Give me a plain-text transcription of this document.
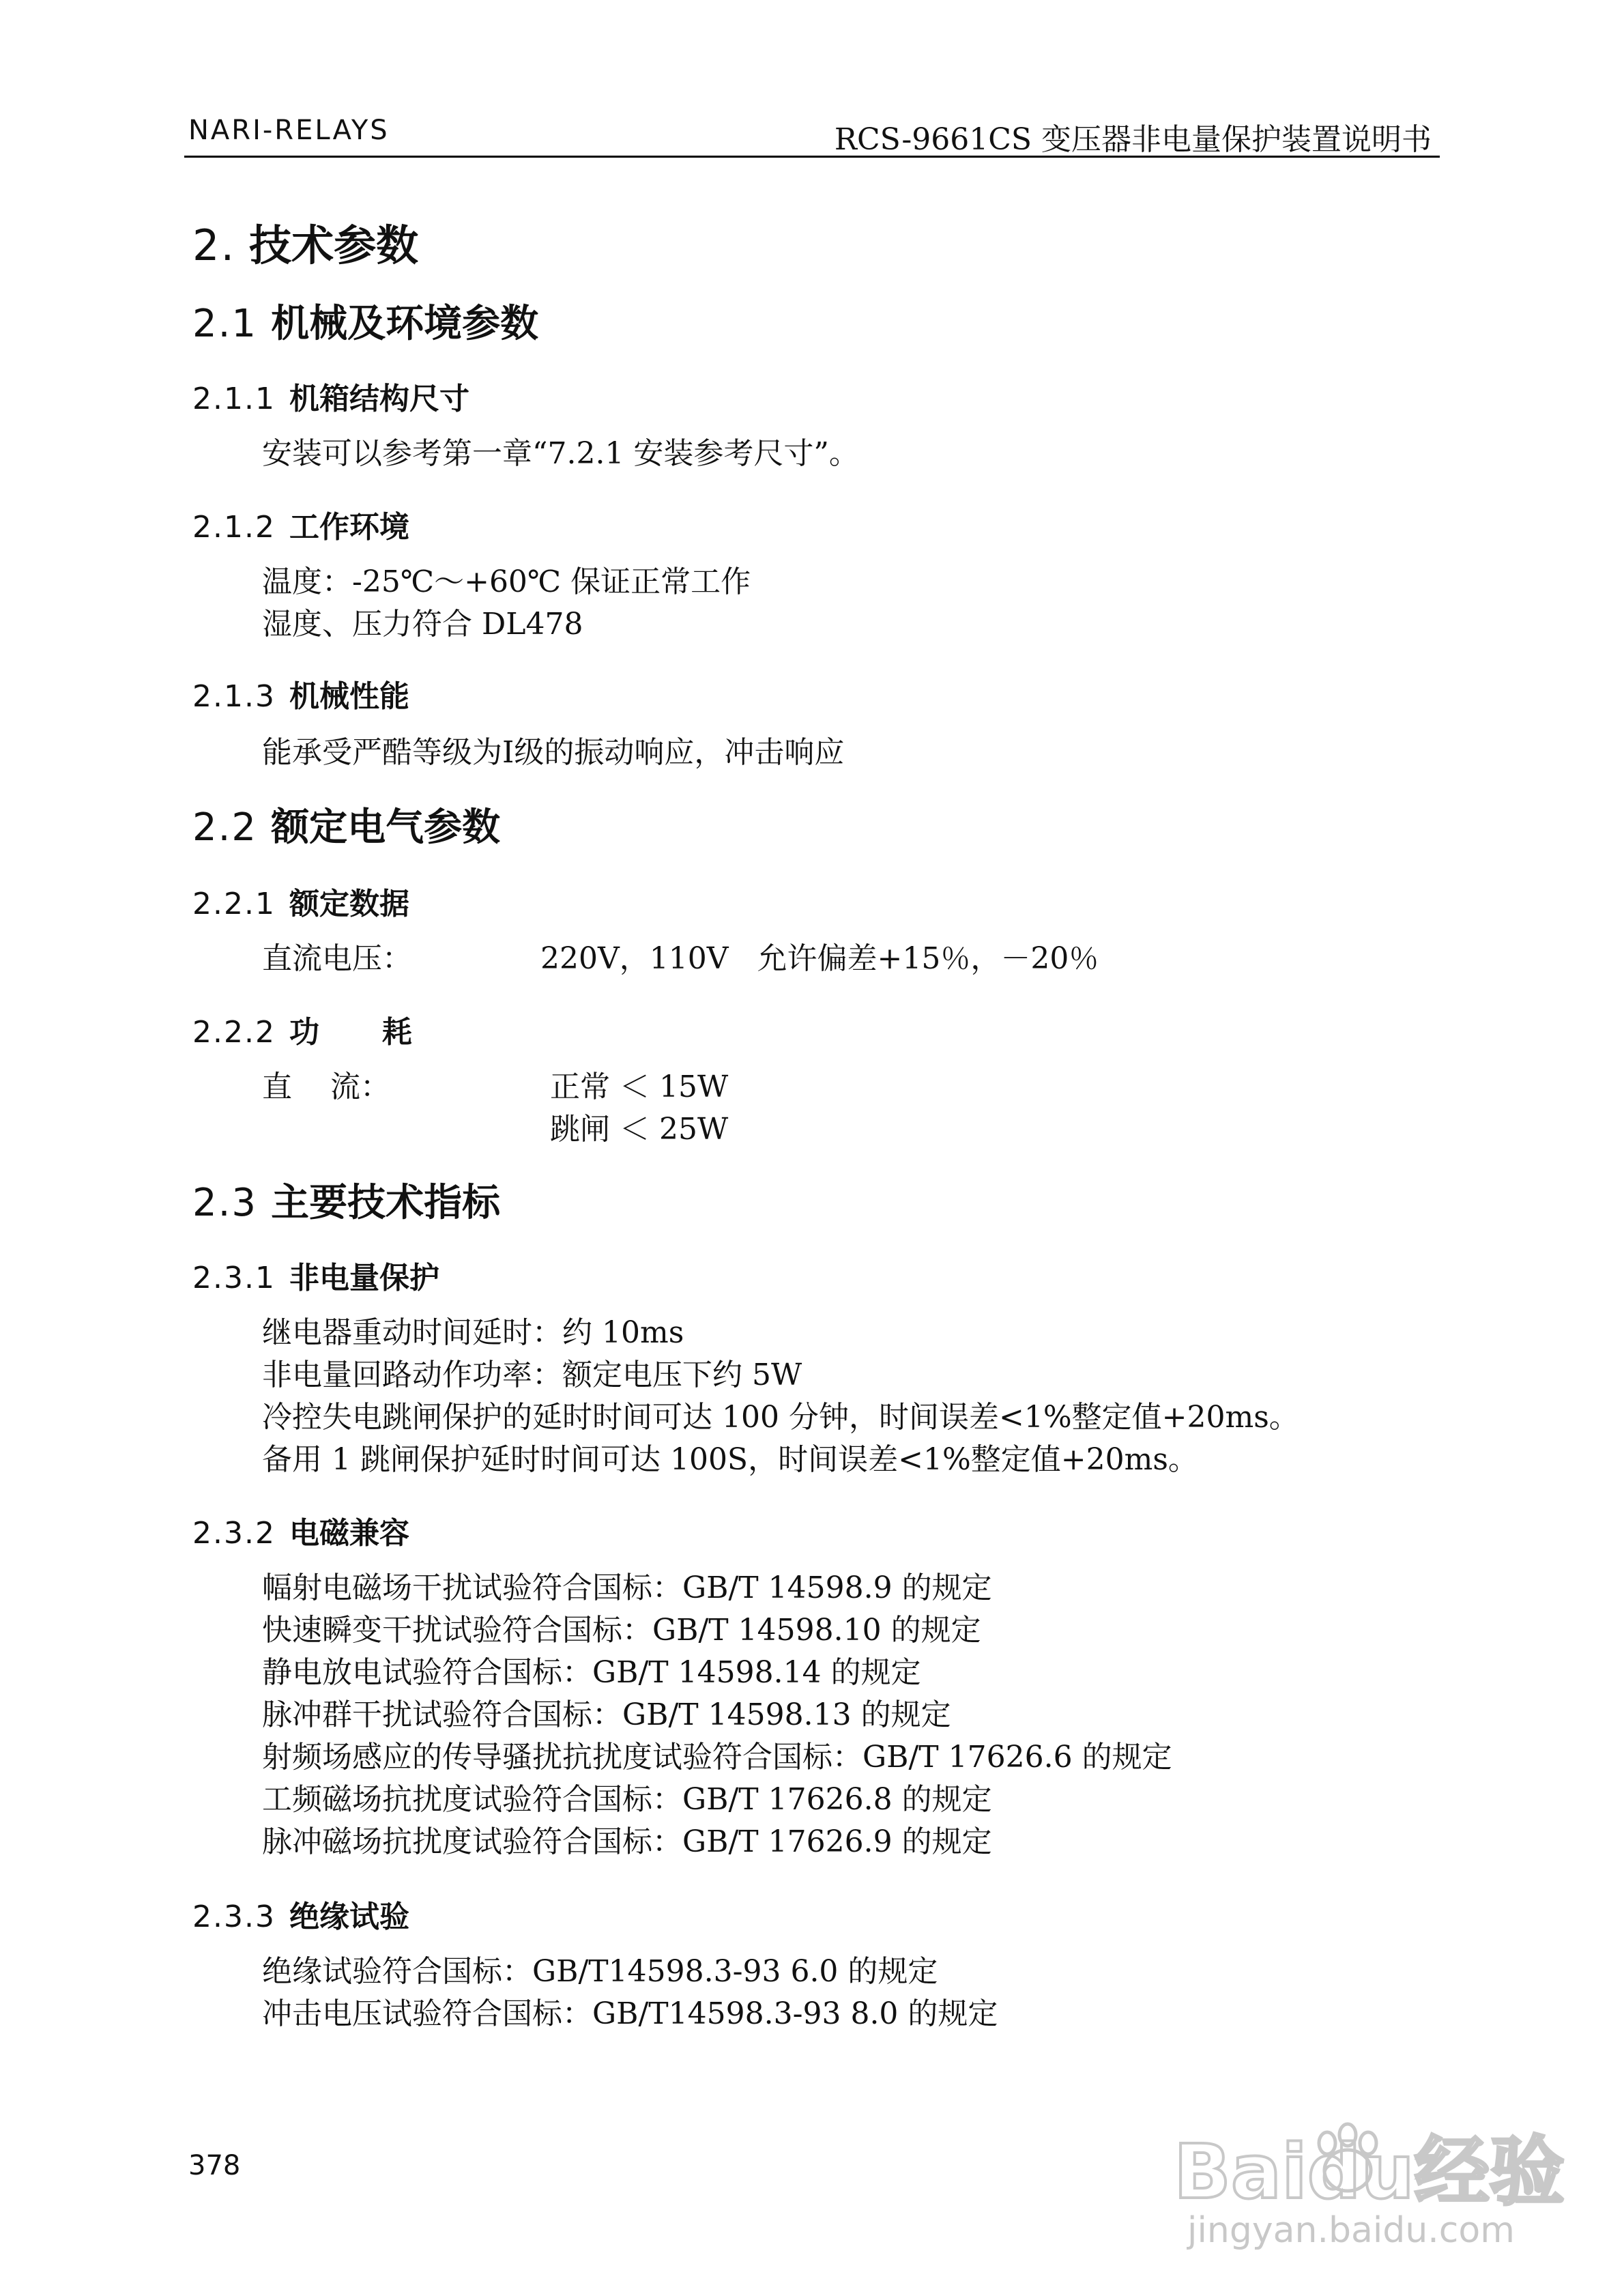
NARI-RELAYS	RCS-9661CS 变压器非电量保护装置说明书
2. 技术参数
2.1 机械及环境参数
2.1.1 机箱结构尺寸
安装可以参考第一章“7.2.1 安装参考尺寸”。
2.1.2 工作环境
温度：-25℃～+60℃ 保证正常工作
湿度、压力符合 DL478
2.1.3 机械性能
能承受严酷等级为Ⅰ级的振动响应，冲击响应
2.2 额定电气参数
2.2.1 额定数据
直流电压：	220V，110V   允许偏差+15％，－20％
2.2.2 功      耗
直    流：	正常 ＜ 15W
跳闸 ＜ 25W
2.3 主要技术指标
2.3.1 非电量保护
继电器重动时间延时：约 10ms
非电量回路动作功率：额定电压下约 5W
冷控失电跳闸保护的延时时间可达 100 分钟，时间误差<1%整定值+20ms。
备用 1 跳闸保护延时时间可达 100S，时间误差<1%整定值+20ms。
2.3.2 电磁兼容
幅射电磁场干扰试验符合国标：GB/T 14598.9 的规定
快速瞬变干扰试验符合国标：GB/T 14598.10 的规定
静电放电试验符合国标：GB/T 14598.14 的规定
脉冲群干扰试验符合国标：GB/T 14598.13 的规定
射频场感应的传导骚扰抗扰度试验符合国标：GB/T 17626.6 的规定
工频磁场抗扰度试验符合国标：GB/T 17626.8 的规定
脉冲磁场抗扰度试验符合国标：GB/T 17626.9 的规定
2.3.3 绝缘试验
绝缘试验符合国标：GB/T14598.3-93 6.0 的规定
冲击电压试验符合国标：GB/T14598.3-93 8.0 的规定
378	Baidu经验
jingyan.baidu.com
